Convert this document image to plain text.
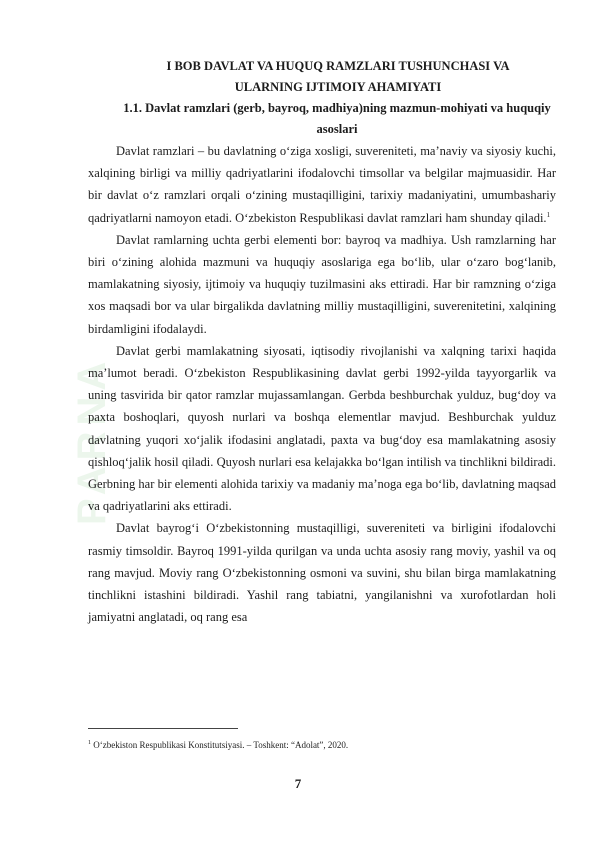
PARNA

I BOB DAVLAT VA HUQUQ RAMZLARI TUSHUNCHASI VA ULARNING IJTIMOIY AHAMIYATI

1.1. Davlat ramzlari (gerb, bayroq, madhiya)ning mazmun-mohiyati va huquqiy asoslari

Davlat ramzlari – bu davlatning o‘ziga xosligi, suvereniteti, ma’naviy va siyosiy kuchi, xalqining birligi va milliy qadriyatlarini ifodalovchi timsollar va belgilar majmuasidir. Har bir davlat o‘z ramzlari orqali o‘zining mustaqilligini, tarixiy madaniyatini, umumbashariy qadriyatlarni namoyon etadi. O‘zbekiston Respublikasi davlat ramzlari ham shunday qiladi.$^1$

Davlat ramlarning uchta gerbi elementi bor: bayroq va madhiya. Ush ramzlarning har biri o‘zining alohida mazmuni va huquqiy asoslariga ega bo‘lib, ular o‘zaro bog‘lanib, mamlakatning siyosiy, ijtimoiy va huquqiy tuzilmasini aks ettiradi. Har bir ramzning o‘ziga xos maqsadi bor va ular birgalikda davlatning milliy mustaqilligini, suverenitetini, xalqining birdamligini ifodalaydi.

Davlat gerbi mamlakatning siyosati, iqtisodiy rivojlanishi va xalqning tarixi haqida ma’lumot beradi. O‘zbekiston Respublikasining davlat gerbi 1992-yilda tayyorgarlik va uning tasvirida bir qator ramzlar mujassamlangan. Gerbda beshburchak yulduz, bug‘doy va paxta boshoqlari, quyosh nurlari va boshqa elementlar mavjud. Beshburchak yulduz davlatning yuqori xo‘jalik ifodasini anglatadi, paxta va bug‘doy esa mamlakatning asosiy qishloq‘jalik hosil qiladi. Quyosh nurlari esa kelajakka bo‘lgan intilish va tinchlikni bildiradi. Gerbning har bir elementi alohida tarixiy va madaniy ma’noga ega bo‘lib, davlatning maqsad va qadriyatlarini aks ettiradi.

Davlat bayrog‘i O‘zbekistonning mustaqilligi, suvereniteti va birligini ifodalovchi rasmiy timsoldir. Bayroq 1991-yilda qurilgan va unda uchta asosiy rang moviy, yashil va oq rang mavjud. Moviy rang O‘zbekistonning osmoni va suvini, shu bilan birga mamlakatning tinchlikni istashini bildiradi. Yashil rang tabiatni, yangilanishni va xurofotlardan holi jamiyatni anglatadi, oq rang esa

$^1$ O‘zbekiston Respublikasi Konstitutsiyasi. – Toshkent: “Adolat”, 2020.
7
